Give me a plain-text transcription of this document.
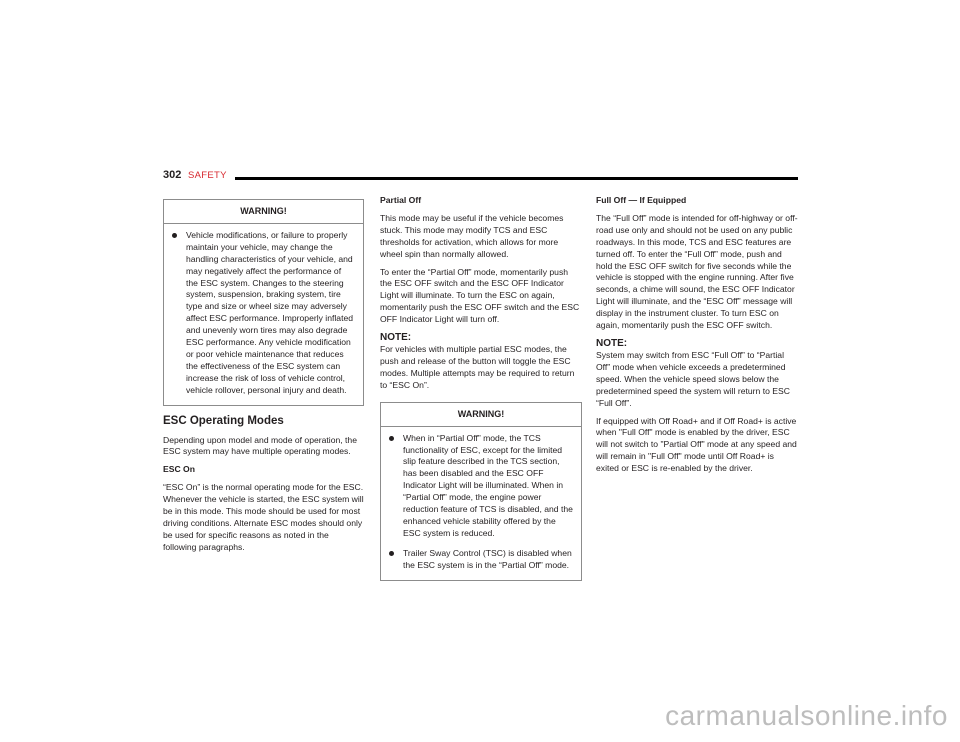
302 SAFETY
WARNING!
Vehicle modifications, or failure to properly maintain your vehicle, may change the handling characteristics of your vehicle, and may negatively affect the performance of the ESC system. Changes to the steering system, suspension, braking system, tire type and size or wheel size may adversely affect ESC performance. Improperly inflated and unevenly worn tires may also degrade ESC performance. Any vehicle modification or poor vehicle maintenance that reduces the effectiveness of the ESC system can increase the risk of loss of vehicle control, vehicle rollover, personal injury and death.
ESC Operating Modes

Depending upon model and mode of operation, the ESC system may have multiple operating modes.

ESC On

“ESC On” is the normal operating mode for the ESC. Whenever the vehicle is started, the ESC system will be in this mode. This mode should be used for most driving conditions. Alternate ESC modes should only be used for specific reasons as noted in the following paragraphs.

Partial Off

This mode may be useful if the vehicle becomes stuck. This mode may modify TCS and ESC thresholds for activation, which allows for more wheel spin than normally allowed.

To enter the “Partial Off” mode, momentarily push the ESC OFF switch and the ESC OFF Indicator Light will illuminate. To turn the ESC on again, momentarily push the ESC OFF switch and the ESC OFF Indicator Light will turn off.

NOTE:

For vehicles with multiple partial ESC modes, the push and release of the button will toggle the ESC modes. Multiple attempts may be required to return to “ESC On”.

WARNING!
When in “Partial Off” mode, the TCS functionality of ESC, except for the limited slip feature described in the TCS section, has been disabled and the ESC OFF Indicator Light will be illuminated. When in “Partial Off” mode, the engine power reduction feature of TCS is disabled, and the enhanced vehicle stability offered by the ESC system is reduced.
Trailer Sway Control (TSC) is disabled when the ESC system is in the “Partial Off” mode.
Full Off — If Equipped

The “Full Off” mode is intended for off-highway or off-road use only and should not be used on any public roadways. In this mode, TCS and ESC features are turned off. To enter the “Full Off” mode, push and hold the ESC OFF switch for five seconds while the vehicle is stopped with the engine running. After five seconds, a chime will sound, the ESC OFF Indicator Light will illuminate, and the “ESC Off” message will display in the instrument cluster. To turn ESC on again, momentarily push the ESC OFF switch.

NOTE:

System may switch from ESC “Full Off” to “Partial Off” mode when vehicle exceeds a predetermined speed. When the vehicle speed slows below the predetermined speed the system will return to ESC “Full Off”.

If equipped with Off Road+ and if Off Road+ is active when "Full Off" mode is enabled by the driver, ESC will not switch to "Partial Off" mode at any speed and will remain in "Full Off" mode until Off Road+ is exited or ESC is re-enabled by the driver.

carmanualsonline.info
